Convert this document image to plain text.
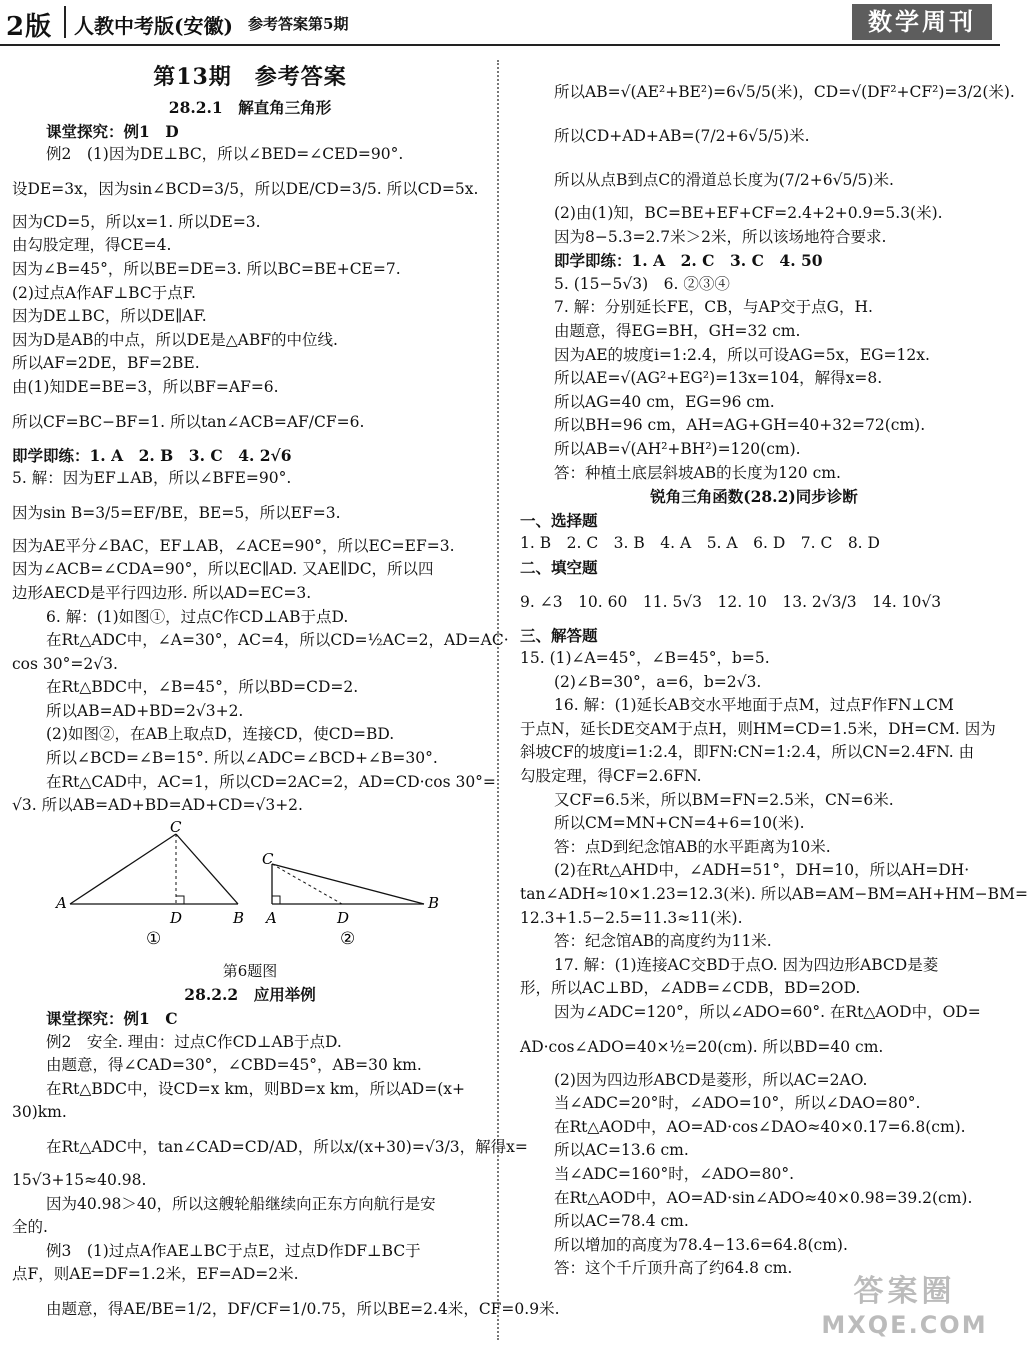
2版 人教中考版(安徽) 参考答案第5期	数学周刊
第13期　参考答案
28.2.1　解直角三角形
课堂探究：例1　D
例2　(1)因为DE⊥BC，所以∠BED=∠CED=90°.
设DE=3x，因为sin∠BCD=3/5，所以DE/CD=3/5. 所以CD=5x.
因为CD=5，所以x=1. 所以DE=3.
由勾股定理，得CE=4.
因为∠B=45°，所以BE=DE=3. 所以BC=BE+CE=7.
(2)过点A作AF⊥BC于点F.
因为DE⊥BC，所以DE∥AF.
因为D是AB的中点，所以DE是△ABF的中位线.
所以AF=2DE，BF=2BE.
由(1)知DE=BE=3，所以BF=AF=6.
所以CF=BC−BF=1. 所以tan∠ACB=AF/CF=6.
即学即练：1. A　2. B　3. C　4. 2√6
5. 解：因为EF⊥AB，所以∠BFE=90°.
因为sin B=3/5=EF/BE，BE=5，所以EF=3.
因为AE平分∠BAC，EF⊥AB，∠ACE=90°，所以EC=EF=3.
因为∠ACB=∠CDA=90°，所以EC∥AD. 又AE∥DC，所以四
边形AECD是平行四边形. 所以AD=EC=3.
6. 解：(1)如图①，过点C作CD⊥AB于点D.
在Rt△ADC中，∠A=30°，AC=4，所以CD=½AC=2，AD=AC·
cos 30°=2√3.
在Rt△BDC中，∠B=45°，所以BD=CD=2.
所以AB=AD+BD=2√3+2.
(2)如图②，在AB上取点D，连接CD，使CD=BD.
所以∠BCD=∠B=15°. 所以∠ADC=∠BCD+∠B=30°.
在Rt△CAD中，AC=1，所以CD=2AC=2，AD=CD·cos 30°=
√3. 所以AB=AD+BD=AD+CD=√3+2.
C
A
D	B
①
C
A	D
B
②
第6题图
28.2.2　应用举例
课堂探究：例1　C
例2　安全. 理由：过点C作CD⊥AB于点D.
由题意，得∠CAD=30°，∠CBD=45°，AB=30 km.
在Rt△BDC中，设CD=x km，则BD=x km，所以AD=(x+
30)km.
在Rt△ADC中，tan∠CAD=CD/AD，所以x/(x+30)=√3/3，解得x=
15√3+15≈40.98.
因为40.98＞40，所以这艘轮船继续向正东方向航行是安
全的.
例3　(1)过点A作AE⊥BC于点E，过点D作DF⊥BC于
点F，则AE=DF=1.2米，EF=AD=2米.
由题意，得AE/BE=1/2，DF/CF=1/0.75，所以BE=2.4米，CF=0.9米.
所以AB=√(AE²+BE²)=6√5/5(米)，CD=√(DF²+CF²)=3/2(米).
所以CD+AD+AB=(7/2+6√5/5)米.
所以从点B到点C的滑道总长度为(7/2+6√5/5)米.
(2)由(1)知，BC=BE+EF+CF=2.4+2+0.9=5.3(米).
因为8−5.3=2.7米＞2米，所以该场地符合要求.
即学即练：1. A　2. C　3. C　4. 50
5. (15−5√3)　6. ②③④
7. 解：分别延长FE，CB，与AP交于点G，H.
由题意，得EG=BH，GH=32 cm.
因为AE的坡度i=1:2.4，所以可设AG=5x，EG=12x.
所以AE=√(AG²+EG²)=13x=104，解得x=8.
所以AG=40 cm，EG=96 cm.
所以BH=96 cm，AH=AG+GH=40+32=72(cm).
所以AB=√(AH²+BH²)=120(cm).
答：种植土底层斜坡AB的长度为120 cm.
锐角三角函数(28.2)同步诊断
一、选择题
1. B　2. C　3. B　4. A　5. A　6. D　7. C　8. D
二、填空题
9. ∠3　10. 60　11. 5√3　12. 10　13. 2√3/3　14. 10√3
三、解答题
15. (1)∠A=45°，∠B=45°，b=5.
(2)∠B=30°，a=6，b=2√3.
16. 解：(1)延长AB交水平地面于点M，过点F作FN⊥CM
于点N，延长DE交AM于点H，则HM=CD=1.5米，DH=CM. 因为
斜坡CF的坡度i=1:2.4，即FN:CN=1:2.4，所以CN=2.4FN. 由
勾股定理，得CF=2.6FN.
又CF=6.5米，所以BM=FN=2.5米，CN=6米.
所以CM=MN+CN=4+6=10(米).
答：点D到纪念馆AB的水平距离为10米.
(2)在Rt△AHD中，∠ADH=51°，DH=10，所以AH=DH·
tan∠ADH≈10×1.23=12.3(米). 所以AB=AM−BM=AH+HM−BM=
12.3+1.5−2.5=11.3≈11(米).
答：纪念馆AB的高度约为11米.
17. 解：(1)连接AC交BD于点O. 因为四边形ABCD是菱
形，所以AC⊥BD，∠ADB=∠CDB，BD=2OD.
因为∠ADC=120°，所以∠ADO=60°. 在Rt△AOD中，OD=
AD·cos∠ADO=40×½=20(cm). 所以BD=40 cm.
(2)因为四边形ABCD是菱形，所以AC=2AO.
当∠ADC=20°时，∠ADO=10°，所以∠DAO=80°.
在Rt△AOD中，AO=AD·cos∠DAO≈40×0.17=6.8(cm).
所以AC=13.6 cm.
当∠ADC=160°时，∠ADO=80°.
在Rt△AOD中，AO=AD·sin∠ADO≈40×0.98=39.2(cm).
所以AC=78.4 cm.
所以增加的高度为78.4−13.6=64.8(cm).
答：这个千斤顶升高了约64.8 cm.
答案圈
MXQE.COM
